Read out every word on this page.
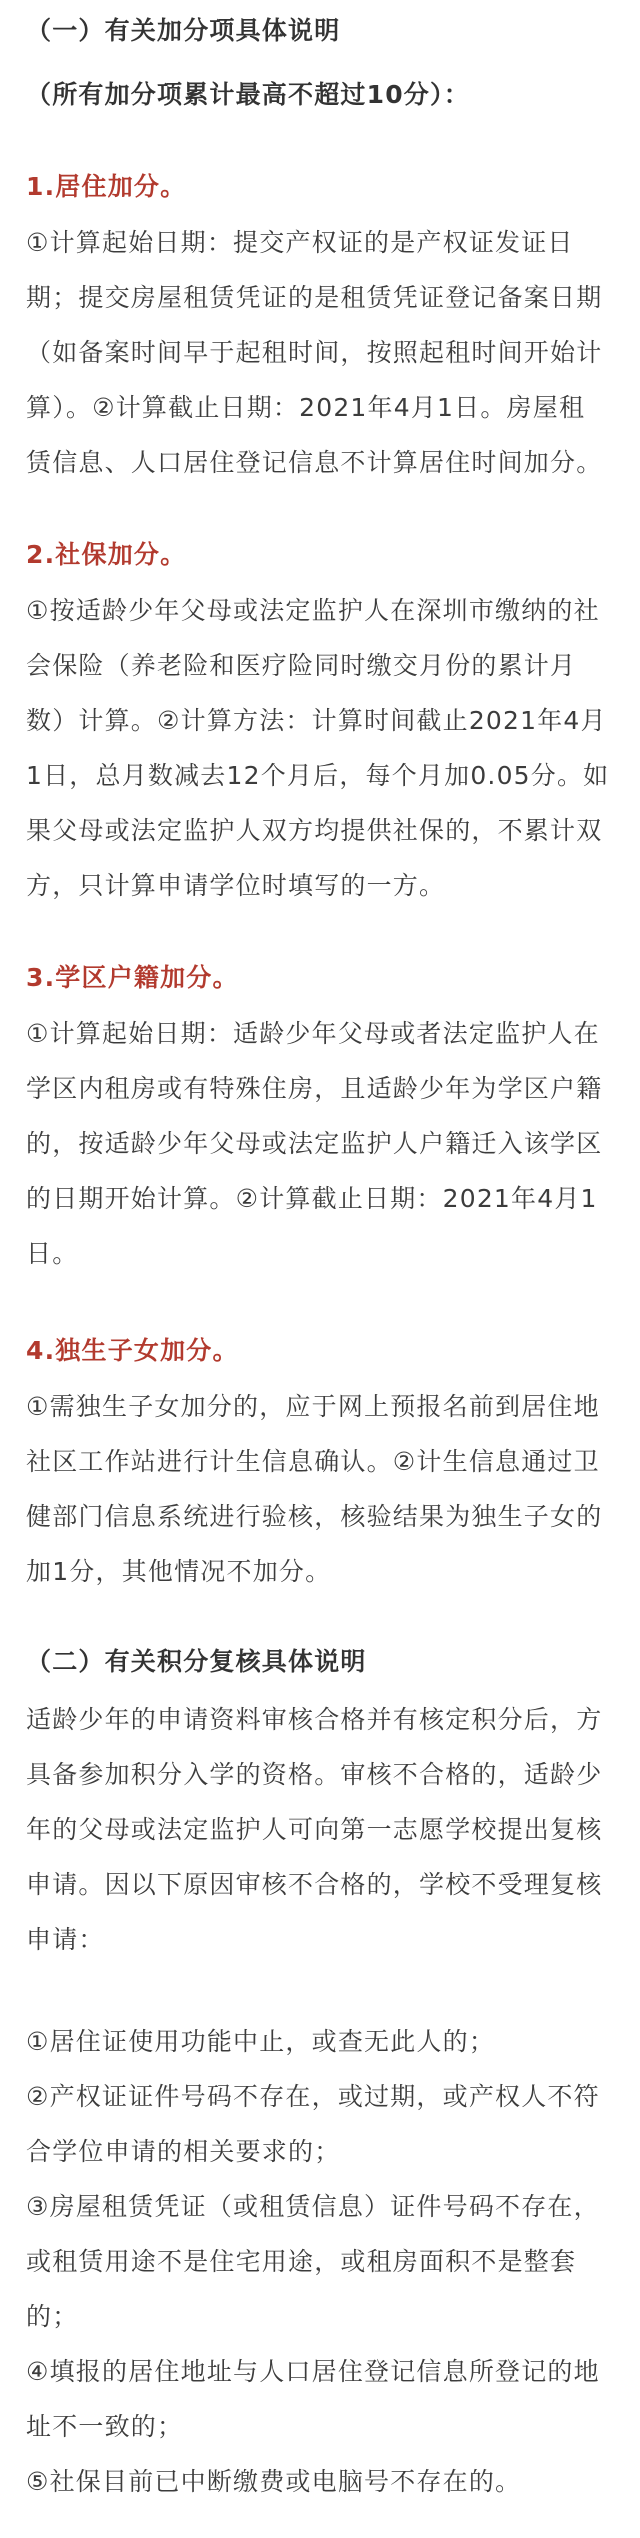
（一）有关加分项具体说明
（所有加分项累计最高不超过10分）：
1.居住加分。
①计算起始日期：提交产权证的是产权证发证日
期；提交房屋租赁凭证的是租赁凭证登记备案日期
（如备案时间早于起租时间，按照起租时间开始计
算）。②计算截止日期：2021年4月1日。房屋租
赁信息、人口居住登记信息不计算居住时间加分。
2.社保加分。
①按适龄少年父母或法定监护人在深圳市缴纳的社
会保险（养老险和医疗险同时缴交月份的累计月
数）计算。②计算方法：计算时间截止2021年4月
1日，总月数减去12个月后，每个月加0.05分。如
果父母或法定监护人双方均提供社保的，不累计双
方，只计算申请学位时填写的一方。
3.学区户籍加分。
①计算起始日期：适龄少年父母或者法定监护人在
学区内租房或有特殊住房，且适龄少年为学区户籍
的，按适龄少年父母或法定监护人户籍迁入该学区
的日期开始计算。②计算截止日期：2021年4月1
日。
4.独生子女加分。
①需独生子女加分的，应于网上预报名前到居住地
社区工作站进行计生信息确认。②计生信息通过卫
健部门信息系统进行验核，核验结果为独生子女的
加1分，其他情况不加分。
（二）有关积分复核具体说明
适龄少年的申请资料审核合格并有核定积分后，方
具备参加积分入学的资格。审核不合格的，适龄少
年的父母或法定监护人可向第一志愿学校提出复核
申请。因以下原因审核不合格的，学校不受理复核
申请：
①居住证使用功能中止，或查无此人的；
②产权证证件号码不存在，或过期，或产权人不符
合学位申请的相关要求的；
③房屋租赁凭证（或租赁信息）证件号码不存在，
或租赁用途不是住宅用途，或租房面积不是整套
的；
④填报的居住地址与人口居住登记信息所登记的地
址不一致的；
⑤社保目前已中断缴费或电脑号不存在的。
